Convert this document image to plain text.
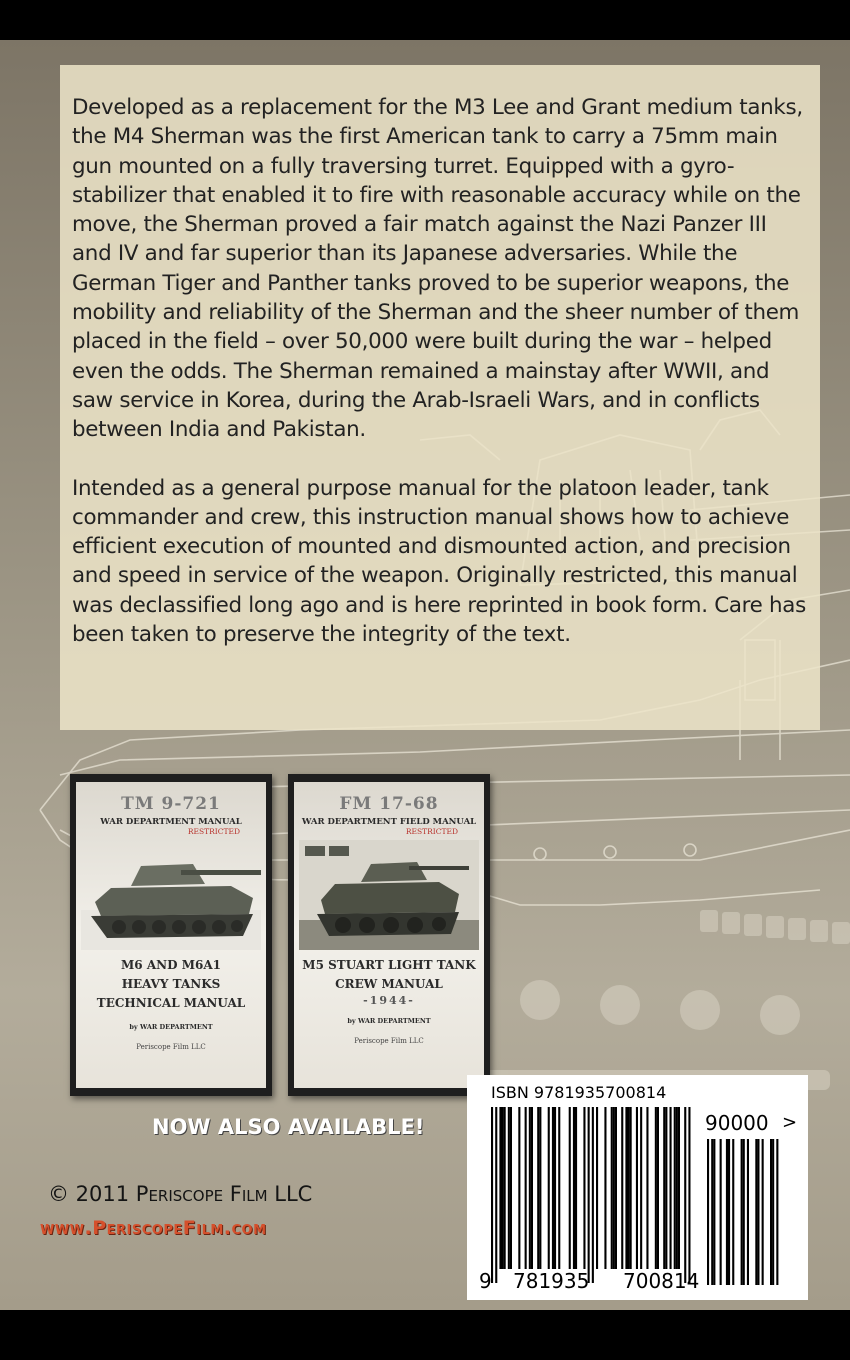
Developed as a replacement for the M3 Lee and Grant medium tanks, the M4 Sherman was the first American tank to carry a 75mm main gun mounted on a fully traversing turret. Equipped with a gyro-stabilizer that enabled it to fire with reasonable accuracy while on the move, the Sherman proved a fair match against the Nazi Panzer III and IV and far superior than its Japanese adversaries. While the German Tiger and Panther tanks proved to be superior weapons, the mobility and reliability of the Sherman and the sheer number of them placed in the field – over 50,000 were built during the war – helped even the odds. The Sherman remained a mainstay after WWII, and saw service in Korea, during the Arab-Israeli Wars, and in conflicts between India and Pakistan.

Intended as a general purpose manual for the platoon leader, tank commander and crew, this instruction manual shows how to achieve efficient execution of mounted and dismounted action, and precision and speed in service of the weapon. Originally restricted, this manual was declassified long ago and is here reprinted in book form. Care has been taken to preserve the integrity of the text.

TM 9-721
WAR DEPARTMENT MANUAL
RESTRICTED
M6 AND M6A1
HEAVY TANKS
TECHNICAL MANUAL
by WAR DEPARTMENT
Periscope Film LLC
FM 17-68
WAR DEPARTMENT FIELD MANUAL
RESTRICTED
M5 STUART LIGHT TANK
CREW MANUAL
-1944-
by WAR DEPARTMENT
Periscope Film LLC
NOW ALSO AVAILABLE!
© 2011 Periscope Film LLC
www.PeriscopeFilm.com
ISBN 9781935700814
90000 >
9 781935 700814
